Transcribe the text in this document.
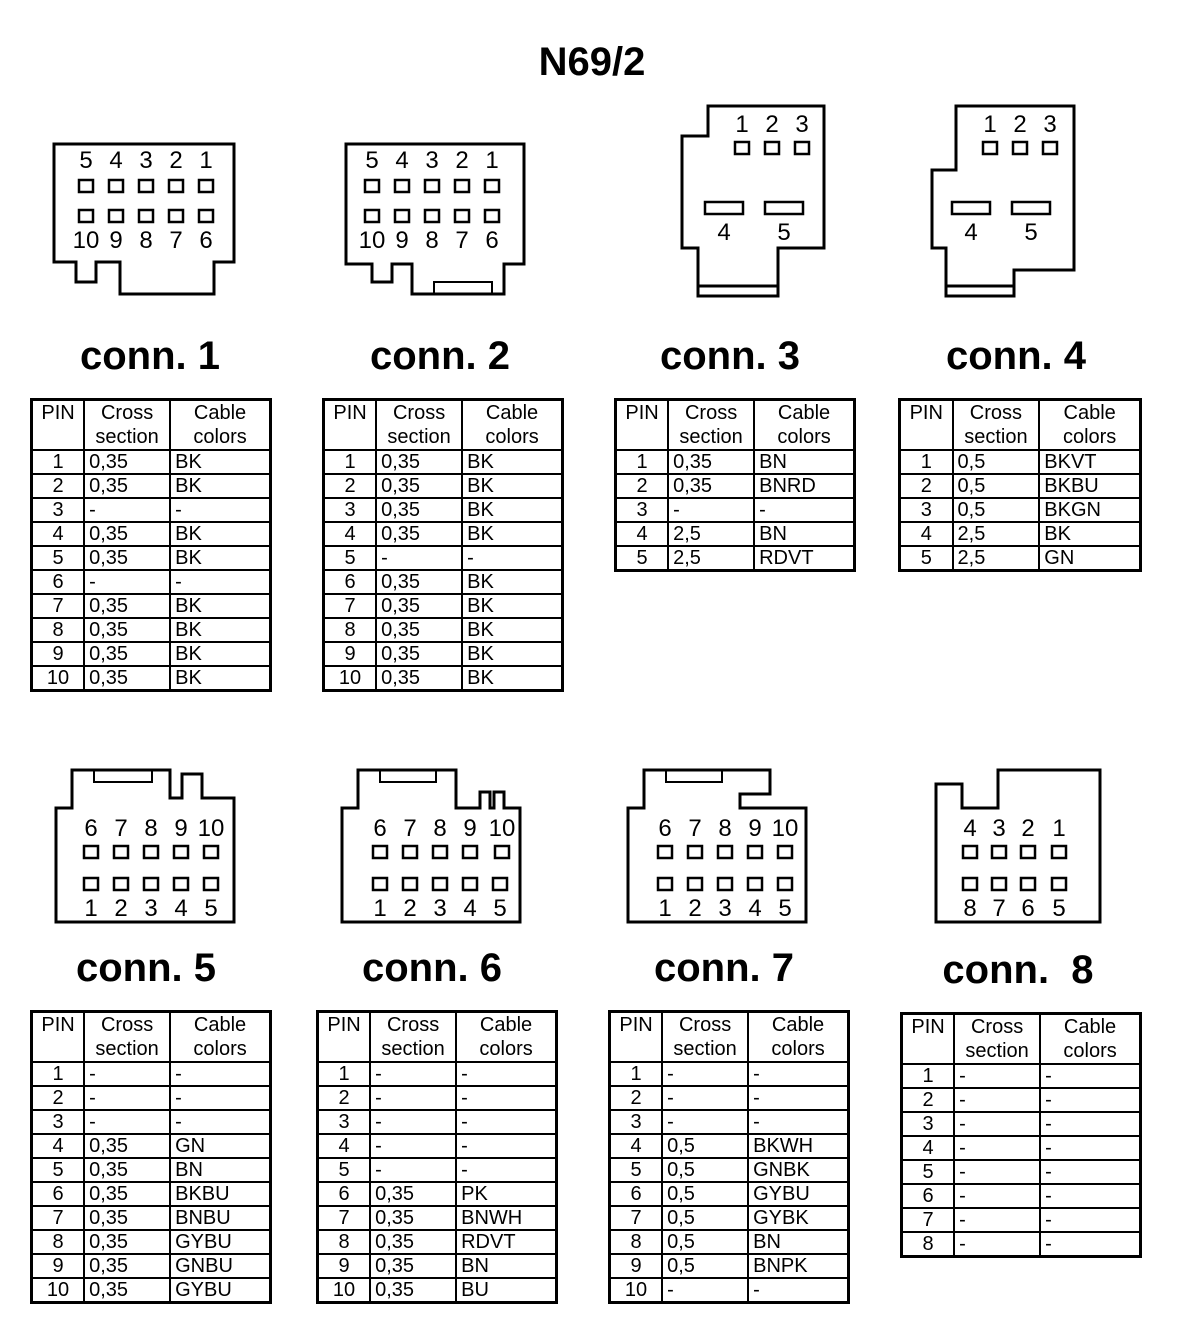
N69/2
5 4 3 2 1
10 9 8 7 6
5 4 3 2 1
10 9 8 7 6
1 2 3
4 5
1 2 3
4 5
6 7 8 9 10
1 2 3 4 5
6 7 8 9 10
1 2 3 4 5
6 7 8 9 10
1 2 3 4 5
4 3 2 1
8 7 6 5
conn. 1	conn. 2	conn. 3	conn. 4
conn. 5	conn. 6	conn. 7	conn.  8
PIN	Cross section	Cable colors
1	0,35	BK
2	0,35	BK
3	-	-
4	0,35	BK
5	0,35	BK
6	-	-
7	0,35	BK
8	0,35	BK
9	0,35	BK
10	0,35	BK
PIN	Cross section	Cable colors
1	0,35	BK
2	0,35	BK
3	0,35	BK
4	0,35	BK
5	-	-
6	0,35	BK
7	0,35	BK
8	0,35	BK
9	0,35	BK
10	0,35	BK
PIN	Cross section	Cable colors
1	0,35	BN
2	0,35	BNRD
3	-	-
4	2,5	BN
5	2,5	RDVT
PIN	Cross section	Cable colors
1	0,5	BKVT
2	0,5	BKBU
3	0,5	BKGN
4	2,5	BK
5	2,5	GN
PIN	Cross section	Cable colors
1	-	-
2	-	-
3	-	-
4	0,35	GN
5	0,35	BN
6	0,35	BKBU
7	0,35	BNBU
8	0,35	GYBU
9	0,35	GNBU
10	0,35	GYBU
PIN	Cross section	Cable colors
1	-	-
2	-	-
3	-	-
4	-	-
5	-	-
6	0,35	PK
7	0,35	BNWH
8	0,35	RDVT
9	0,35	BN
10	0,35	BU
PIN	Cross section	Cable colors
1	-	-
2	-	-
3	-	-
4	0,5	BKWH
5	0,5	GNBK
6	0,5	GYBU
7	0,5	GYBK
8	0,5	BN
9	0,5	BNPK
10	-	-
PIN	Cross section	Cable colors
1	-	-
2	-	-
3	-	-
4	-	-
5	-	-
6	-	-
7	-	-
8	-	-
